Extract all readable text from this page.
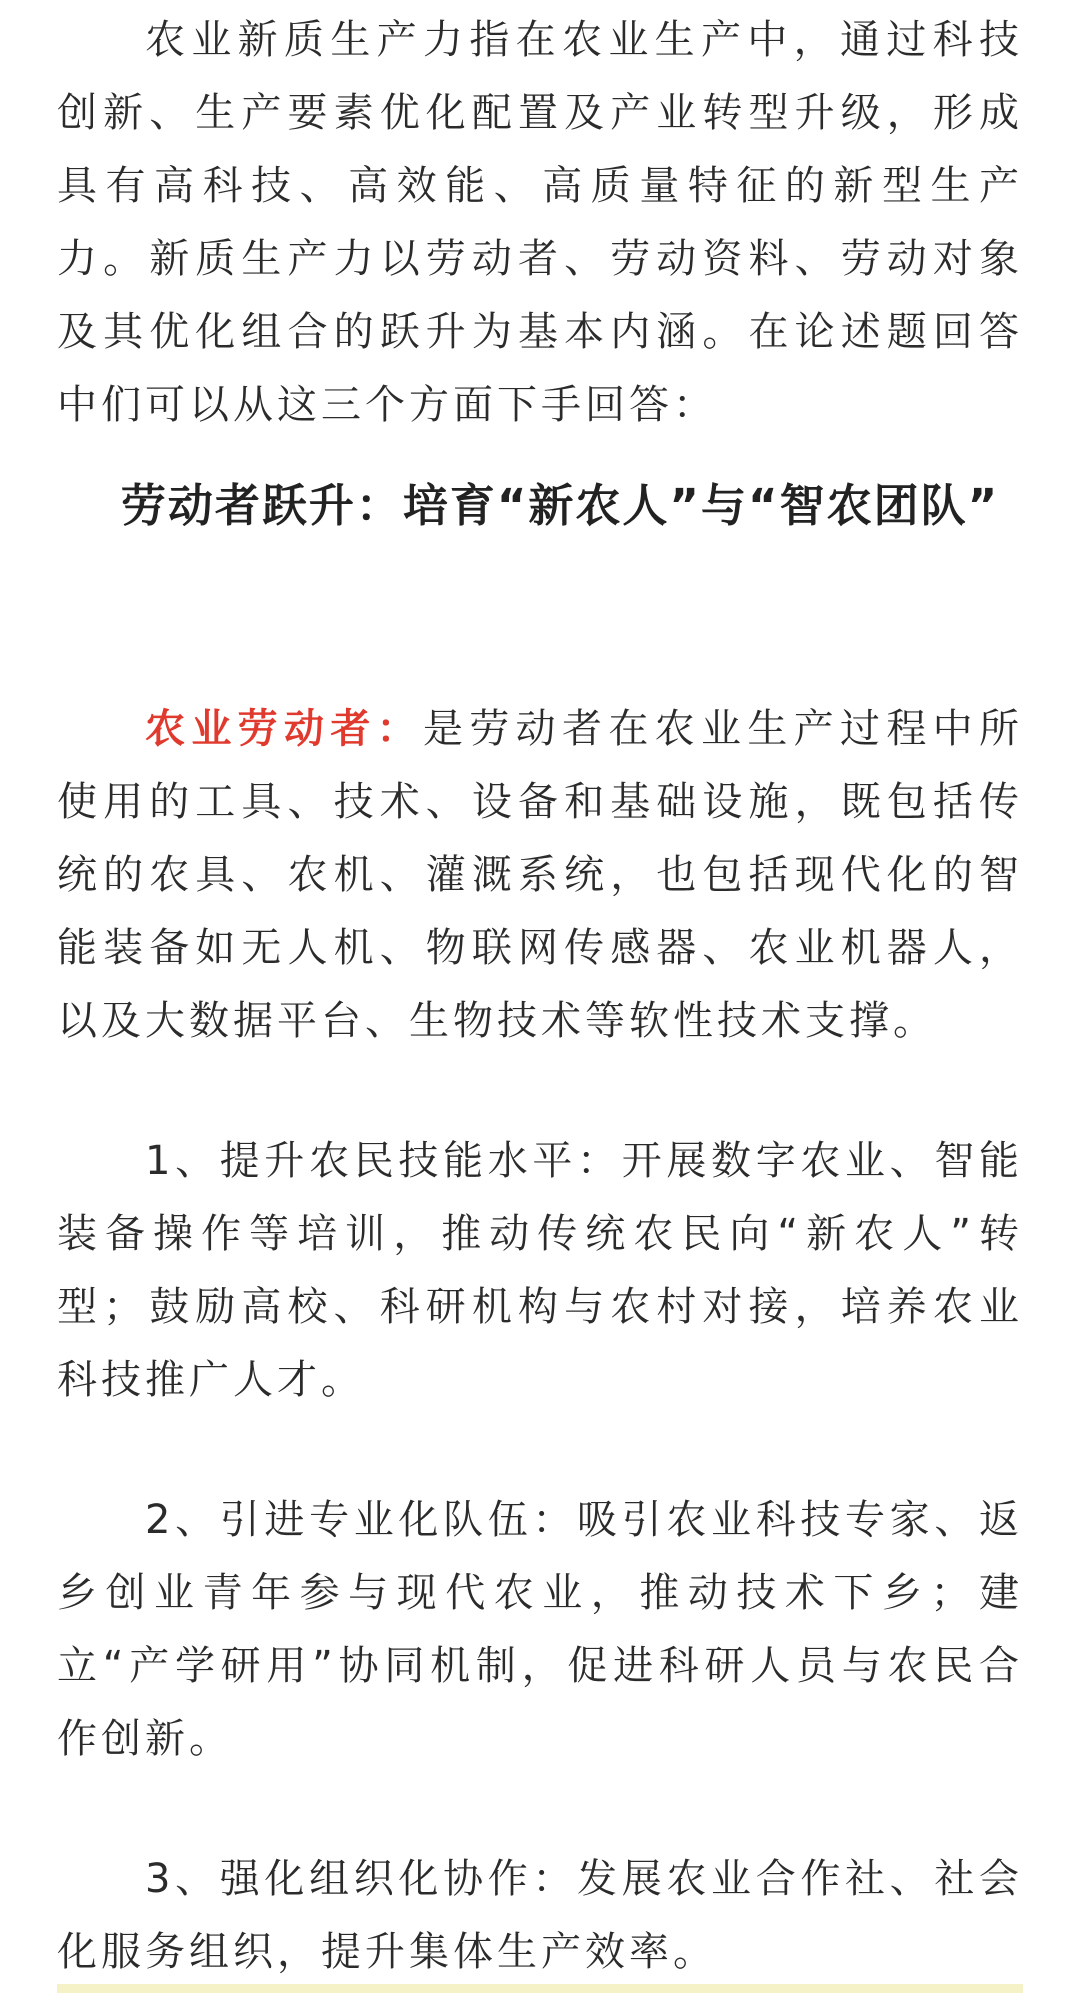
农业新质生产力指在农业生产中，通过科技创新、生产要素优化配置及产业转型升级，形成具有高科技、高效能、高质量特征的新型生产力。新质生产力以劳动者、劳动资料、劳动对象及其优化组合的跃升为基本内涵。在论述题回答中们可以从这三个方面下手回答：

劳动者跃升：培育“新农人”与“智农团队”

农业劳动者：是劳动者在农业生产过程中所使用的工具、技术、设备和基础设施，既包括传统的农具、农机、灌溉系统，也包括现代化的智能装备如无人机、物联网传感器、农业机器人，以及大数据平台、生物技术等软性技术支撑。

1、提升农民技能水平：开展数字农业、智能装备操作等培训，推动传统农民向“新农人”转型；鼓励高校、科研机构与农村对接，培养农业科技推广人才。

2、引进专业化队伍：吸引农业科技专家、返乡创业青年参与现代农业，推动技术下乡；建立“产学研用”协同机制，促进科研人员与农民合作创新。

3、强化组织化协作：发展农业合作社、社会化服务组织，提升集体生产效率。
